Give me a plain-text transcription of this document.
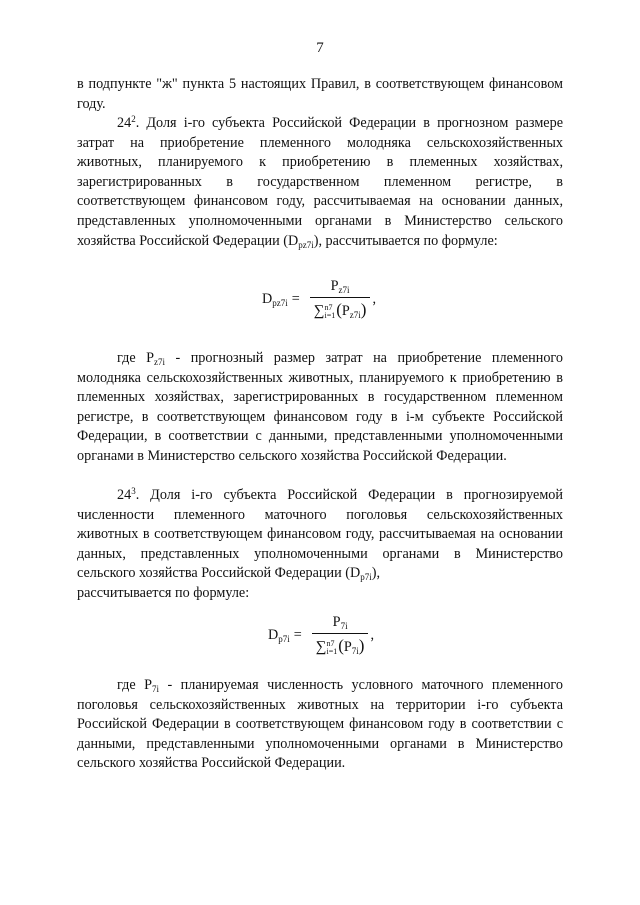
7

в подпункте "ж" пункта 5 настоящих Правил, в соответствующем финансовом году.

$24^2$. Доля i-го субъекта Российской Федерации в прогнозном размере затрат на приобретение племенного молодняка сельскохозяйственных животных, планируемого к приобретению в племенных хозяйствах, зарегистрированных в государственном племенном регистре, в соответствующем финансовом году, рассчитываемая на основании данных, представленных уполномоченными органами в Министерство сельского хозяйства Российской Федерации $(D_{pz7i})$, рассчитывается по формуле:

$D_{pz7i} = P_{z7i}$
∑ n7
i=1 $(P_{z7i})$ ,

где $P_{z7i}$ - прогнозный размер затрат на приобретение племенного молодняка сельскохозяйственных животных, планируемого к приобретению в племенных хозяйствах, зарегистрированных в государственном племенном регистре, в соответствующем финансовом году в i-м субъекте Российской Федерации, в соответствии с данными, представленными уполномоченными органами в Министерство сельского хозяйства Российской Федерации.

$24^3$. Доля i-го субъекта Российской Федерации в прогнозируемой численности племенного маточного поголовья сельскохозяйственных животных в соответствующем финансовом году, рассчитываемая на основании данных, представленных уполномоченными органами в Министерство сельского хозяйства Российской Федерации $(D_{p7i})$,
рассчитывается по формуле:

$D_{p7i} = P_{7i}$
∑ n7
i=1 $(P_{7i})$ ,

где $P_{7i}$ - планируемая численность условного маточного племенного поголовья сельскохозяйственных животных на территории i-го субъекта Российской Федерации в соответствующем финансовом году в соответствии с данными, представленными уполномоченными органами в Министерство сельского хозяйства Российской Федерации.
